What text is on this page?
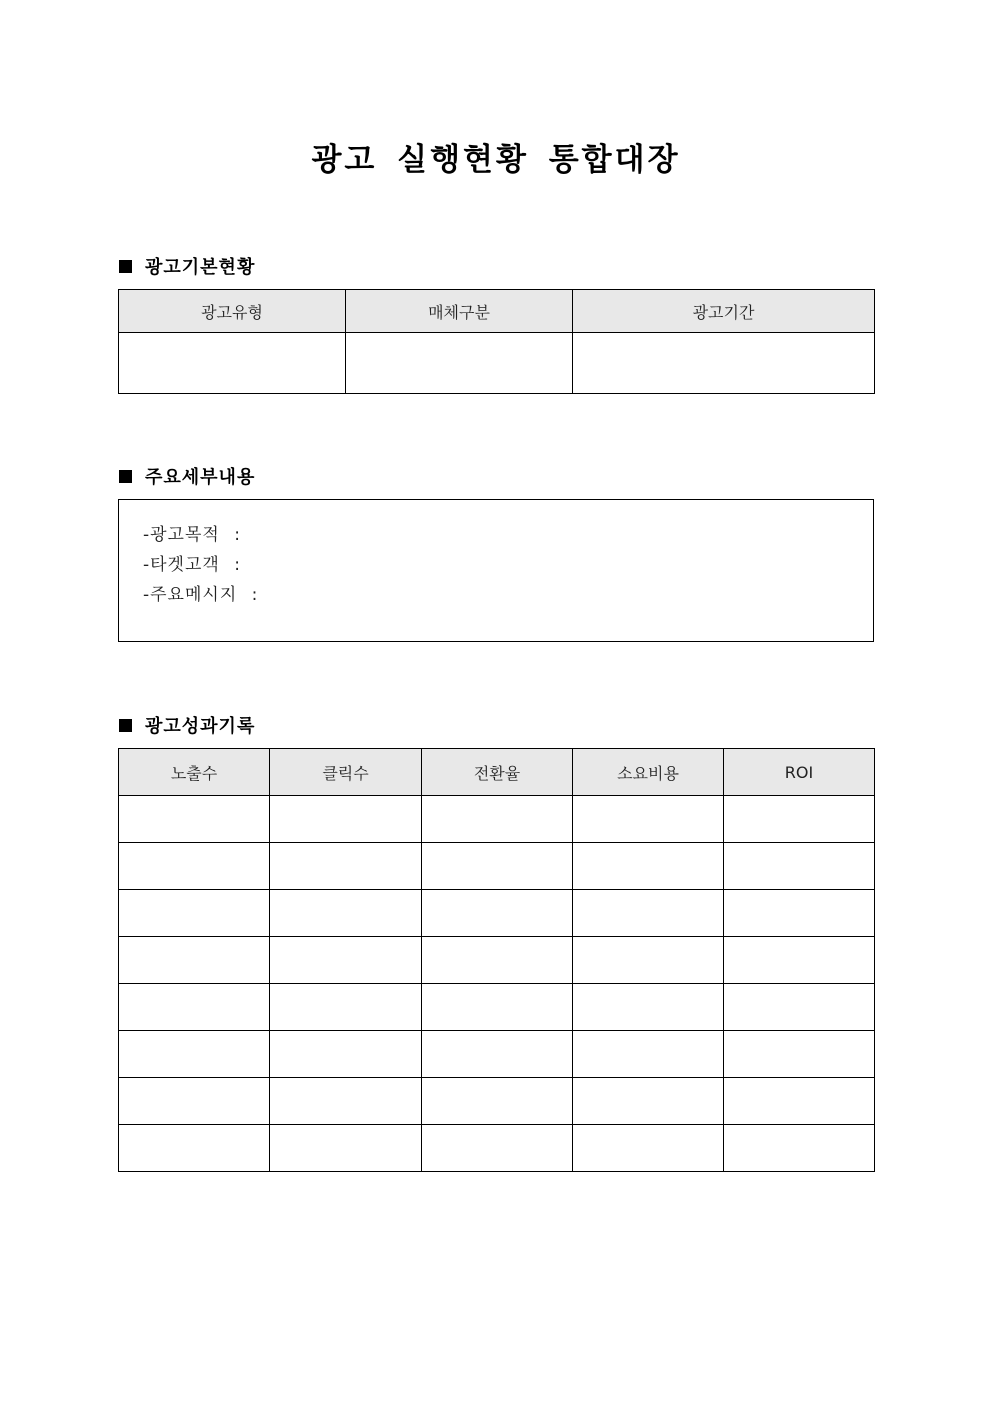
광고 실행현황 통합대장
광고기본현황
광고유형	매체구분	광고기간

주요세부내용
-광고목적 :
-타겟고객 :
-주요메시지 :
광고성과기록
노출수	클릭수	전환율	소요비용	ROI
